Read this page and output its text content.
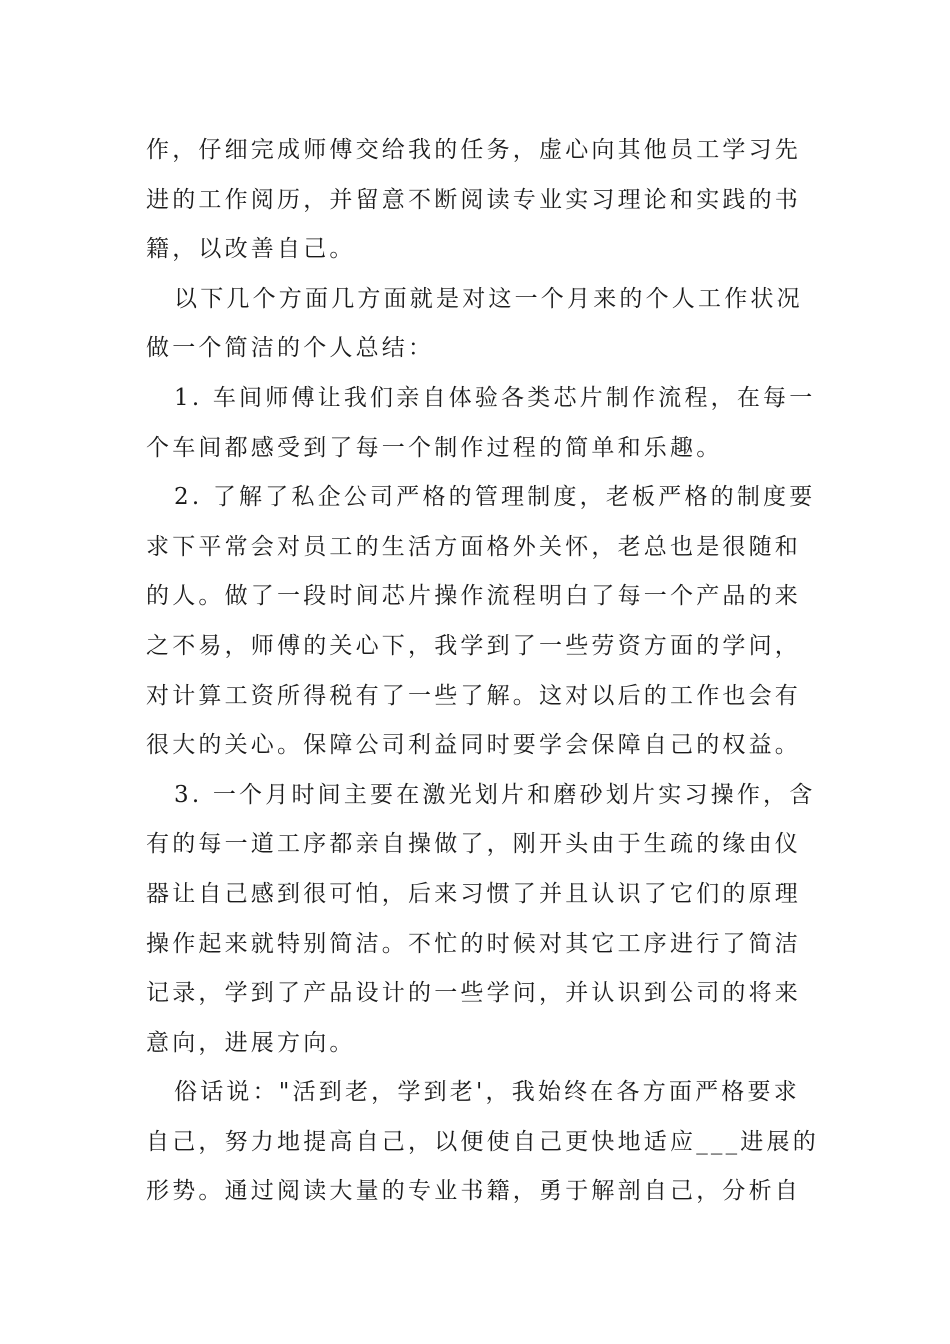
作，仔细完成师傅交给我的任务，虚心向其他员工学习先
进的工作阅历，并留意不断阅读专业实习理论和实践的书
籍，以改善自己。
以下几个方面几方面就是对这一个月来的个人工作状况
做一个简洁的个人总结：
1. 车间师傅让我们亲自体验各类芯片制作流程，在每一
个车间都感受到了每一个制作过程的简单和乐趣。
2. 了解了私企公司严格的管理制度，老板严格的制度要
求下平常会对员工的生活方面格外关怀，老总也是很随和
的人。做了一段时间芯片操作流程明白了每一个产品的来
之不易，师傅的关心下，我学到了一些劳资方面的学问，
对计算工资所得税有了一些了解。这对以后的工作也会有
很大的关心。保障公司利益同时要学会保障自己的权益。
3. 一个月时间主要在激光划片和磨砂划片实习操作，含
有的每一道工序都亲自操做了，刚开头由于生疏的缘由仪
器让自己感到很可怕，后来习惯了并且认识了它们的原理
操作起来就特别简洁。不忙的时候对其它工序进行了简洁
记录，学到了产品设计的一些学问，并认识到公司的将来
意向，进展方向。
俗话说："活到老，学到老'，我始终在各方面严格要求
自己，努力地提高自己，以便使自己更快地适应___进展的
形势。通过阅读大量的专业书籍，勇于解剖自己，分析自
